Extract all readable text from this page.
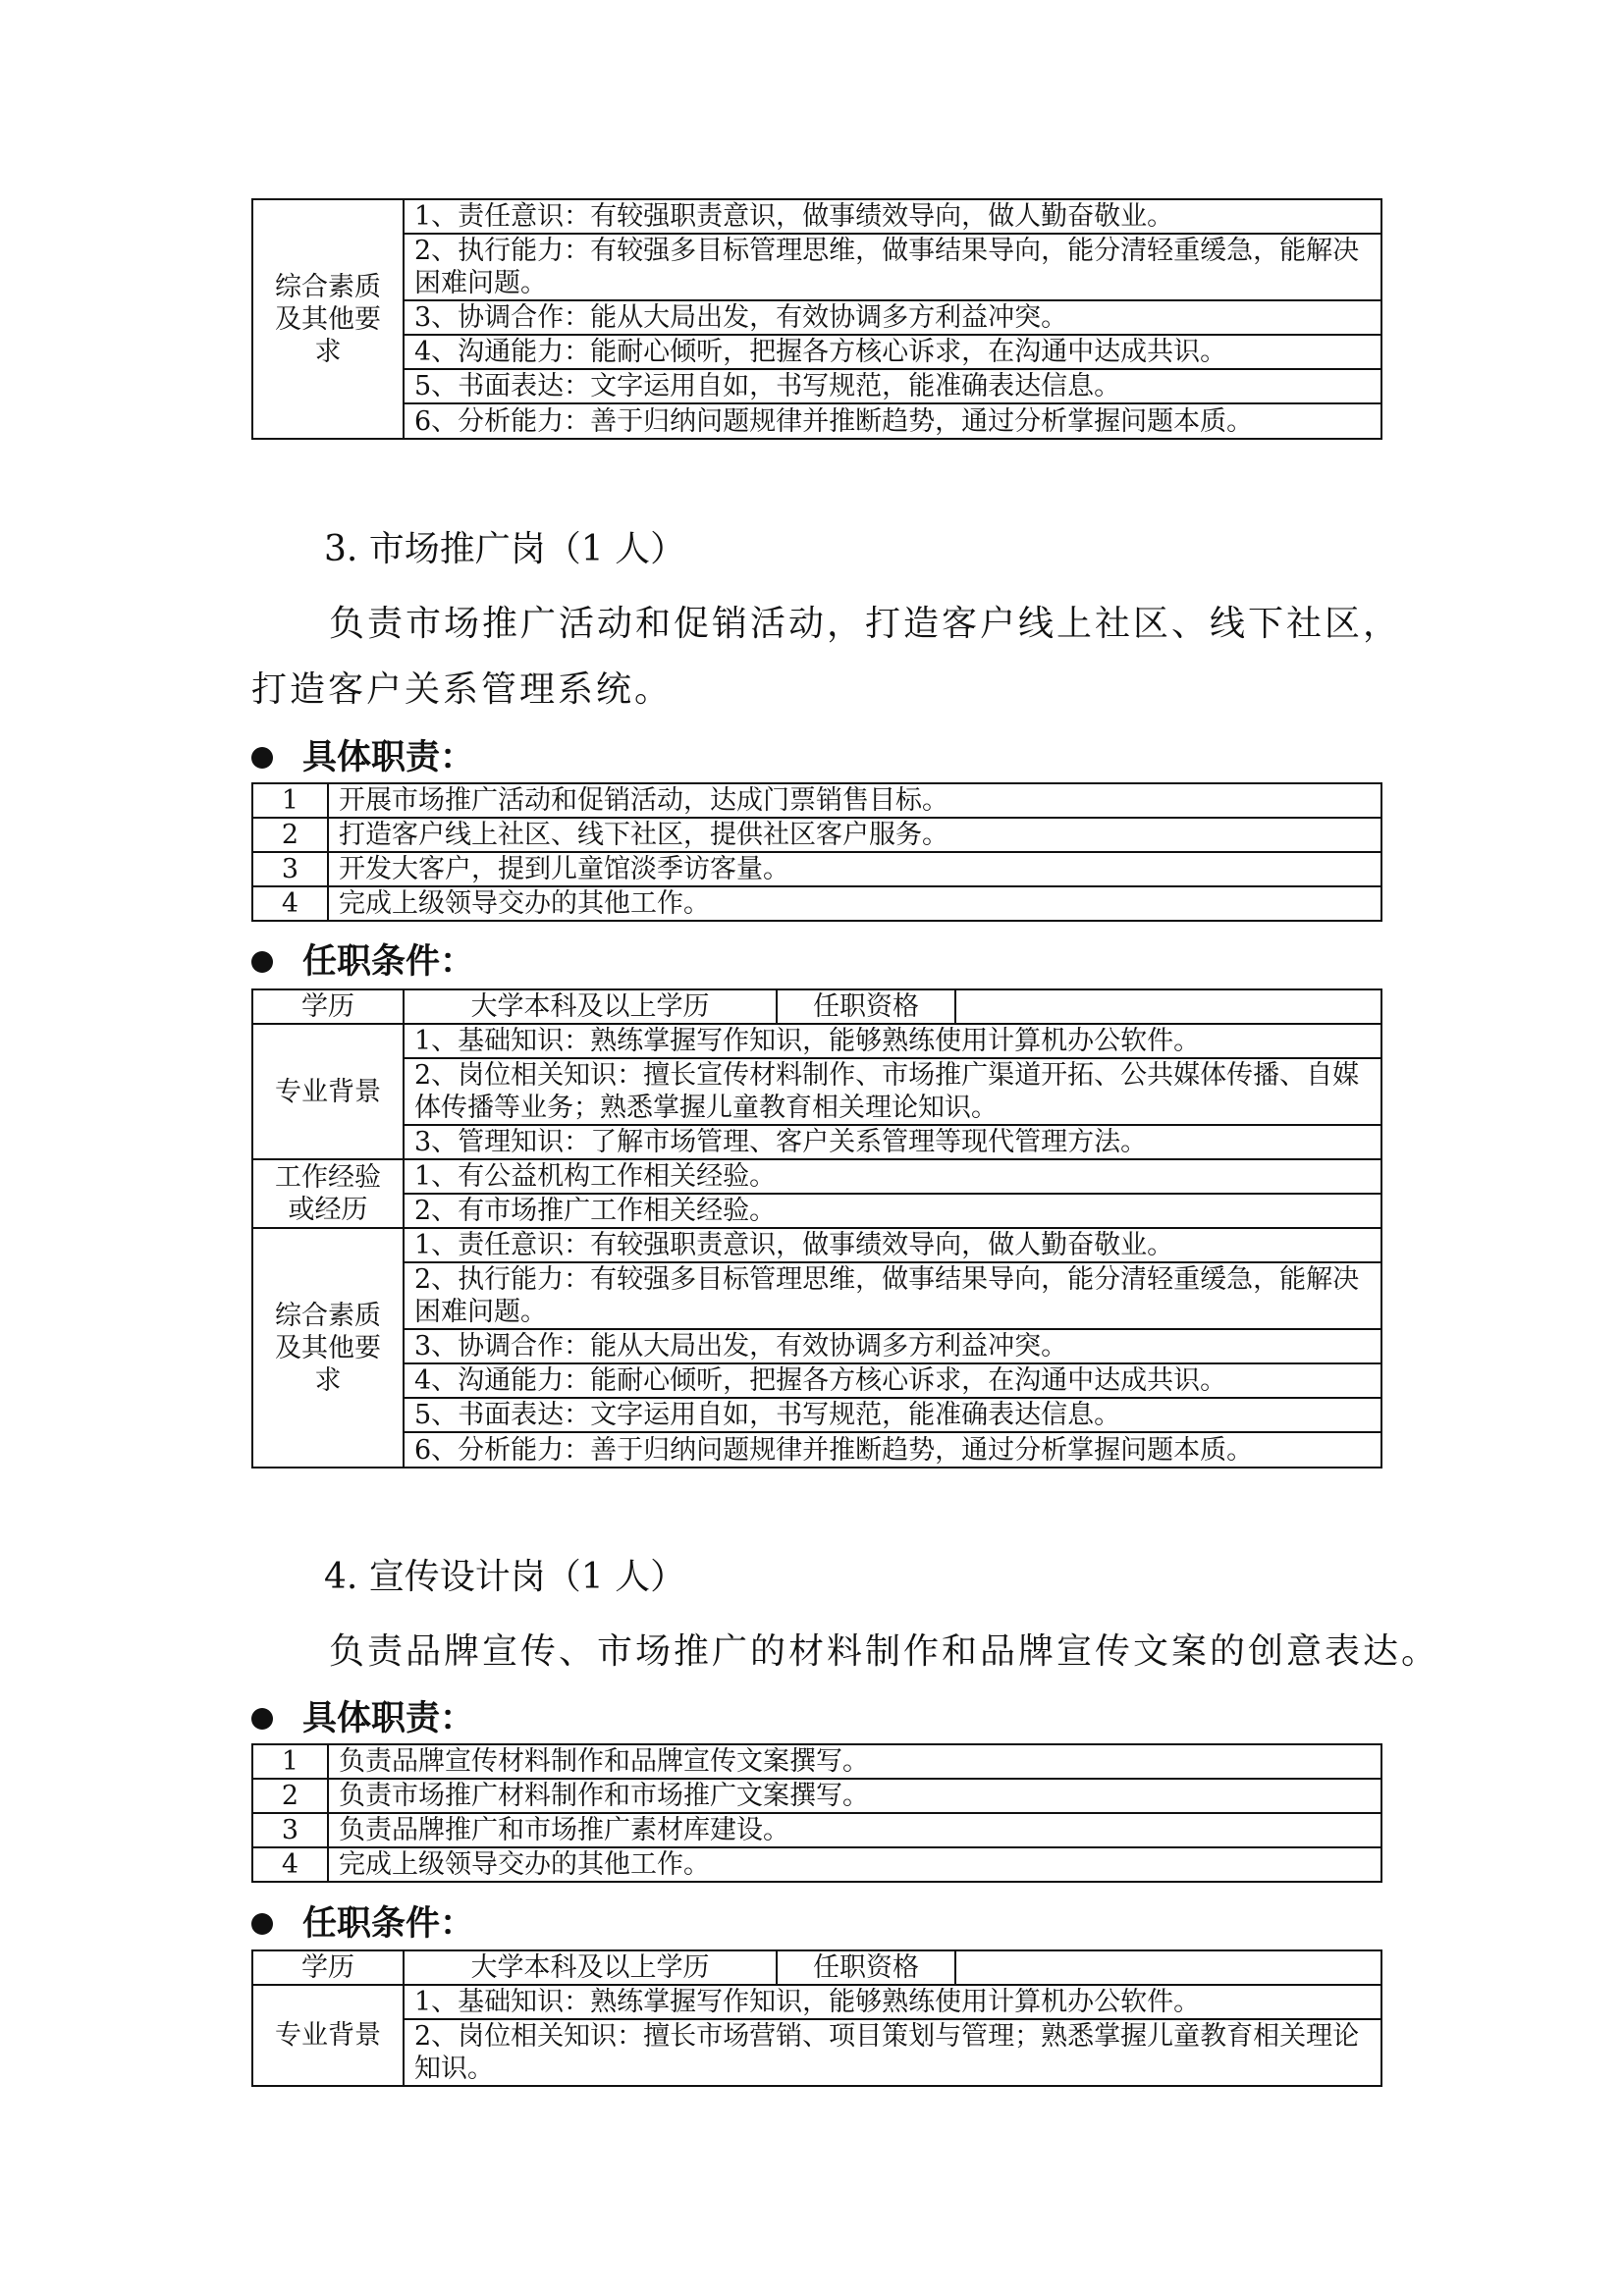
综合素质及其他要求	1、责任意识：有较强职责意识，做事绩效导向，做人勤奋敬业。
2、执行能力：有较强多目标管理思维，做事结果导向，能分清轻重缓急，能解决困难问题。
3、协调合作：能从大局出发，有效协调多方利益冲突。
4、沟通能力：能耐心倾听，把握各方核心诉求，在沟通中达成共识。
5、书面表达：文字运用自如，书写规范，能准确表达信息。
6、分析能力：善于归纳问题规律并推断趋势，通过分析掌握问题本质。
3. 市场推广岗（1 人）
负责市场推广活动和促销活动，打造客户线上社区、线下社区，
打造客户关系管理系统。
具体职责：
1	开展市场推广活动和促销活动，达成门票销售目标。
2	打造客户线上社区、线下社区，提供社区客户服务。
3	开发大客户，提到儿童馆淡季访客量。
4	完成上级领导交办的其他工作。
任职条件：
学历	大学本科及以上学历	任职资格	
专业背景	1、基础知识：熟练掌握写作知识，能够熟练使用计算机办公软件。		
	2、岗位相关知识：擅长宣传材料制作、市场推广渠道开拓、公共媒体传播、自媒体传播等业务；熟悉掌握儿童教育相关理论知识。		
	3、管理知识：了解市场管理、客户关系管理等现代管理方法。		
工作经验或经历	1、有公益机构工作相关经验。		
	2、有市场推广工作相关经验。		
综合素质及其他要求	1、责任意识：有较强职责意识，做事绩效导向，做人勤奋敬业。		
	2、执行能力：有较强多目标管理思维，做事结果导向，能分清轻重缓急，能解决困难问题。		
	3、协调合作：能从大局出发，有效协调多方利益冲突。		
	4、沟通能力：能耐心倾听，把握各方核心诉求，在沟通中达成共识。		
	5、书面表达：文字运用自如，书写规范，能准确表达信息。		
	6、分析能力：善于归纳问题规律并推断趋势，通过分析掌握问题本质。		
4. 宣传设计岗（1 人）
负责品牌宣传、市场推广的材料制作和品牌宣传文案的创意表达。
具体职责：
1	负责品牌宣传材料制作和品牌宣传文案撰写。
2	负责市场推广材料制作和市场推广文案撰写。
3	负责品牌推广和市场推广素材库建设。
4	完成上级领导交办的其他工作。
任职条件：
学历	大学本科及以上学历	任职资格	
专业背景	1、基础知识：熟练掌握写作知识，能够熟练使用计算机办公软件。		
	2、岗位相关知识：擅长市场营销、项目策划与管理；熟悉掌握儿童教育相关理论知识。		
